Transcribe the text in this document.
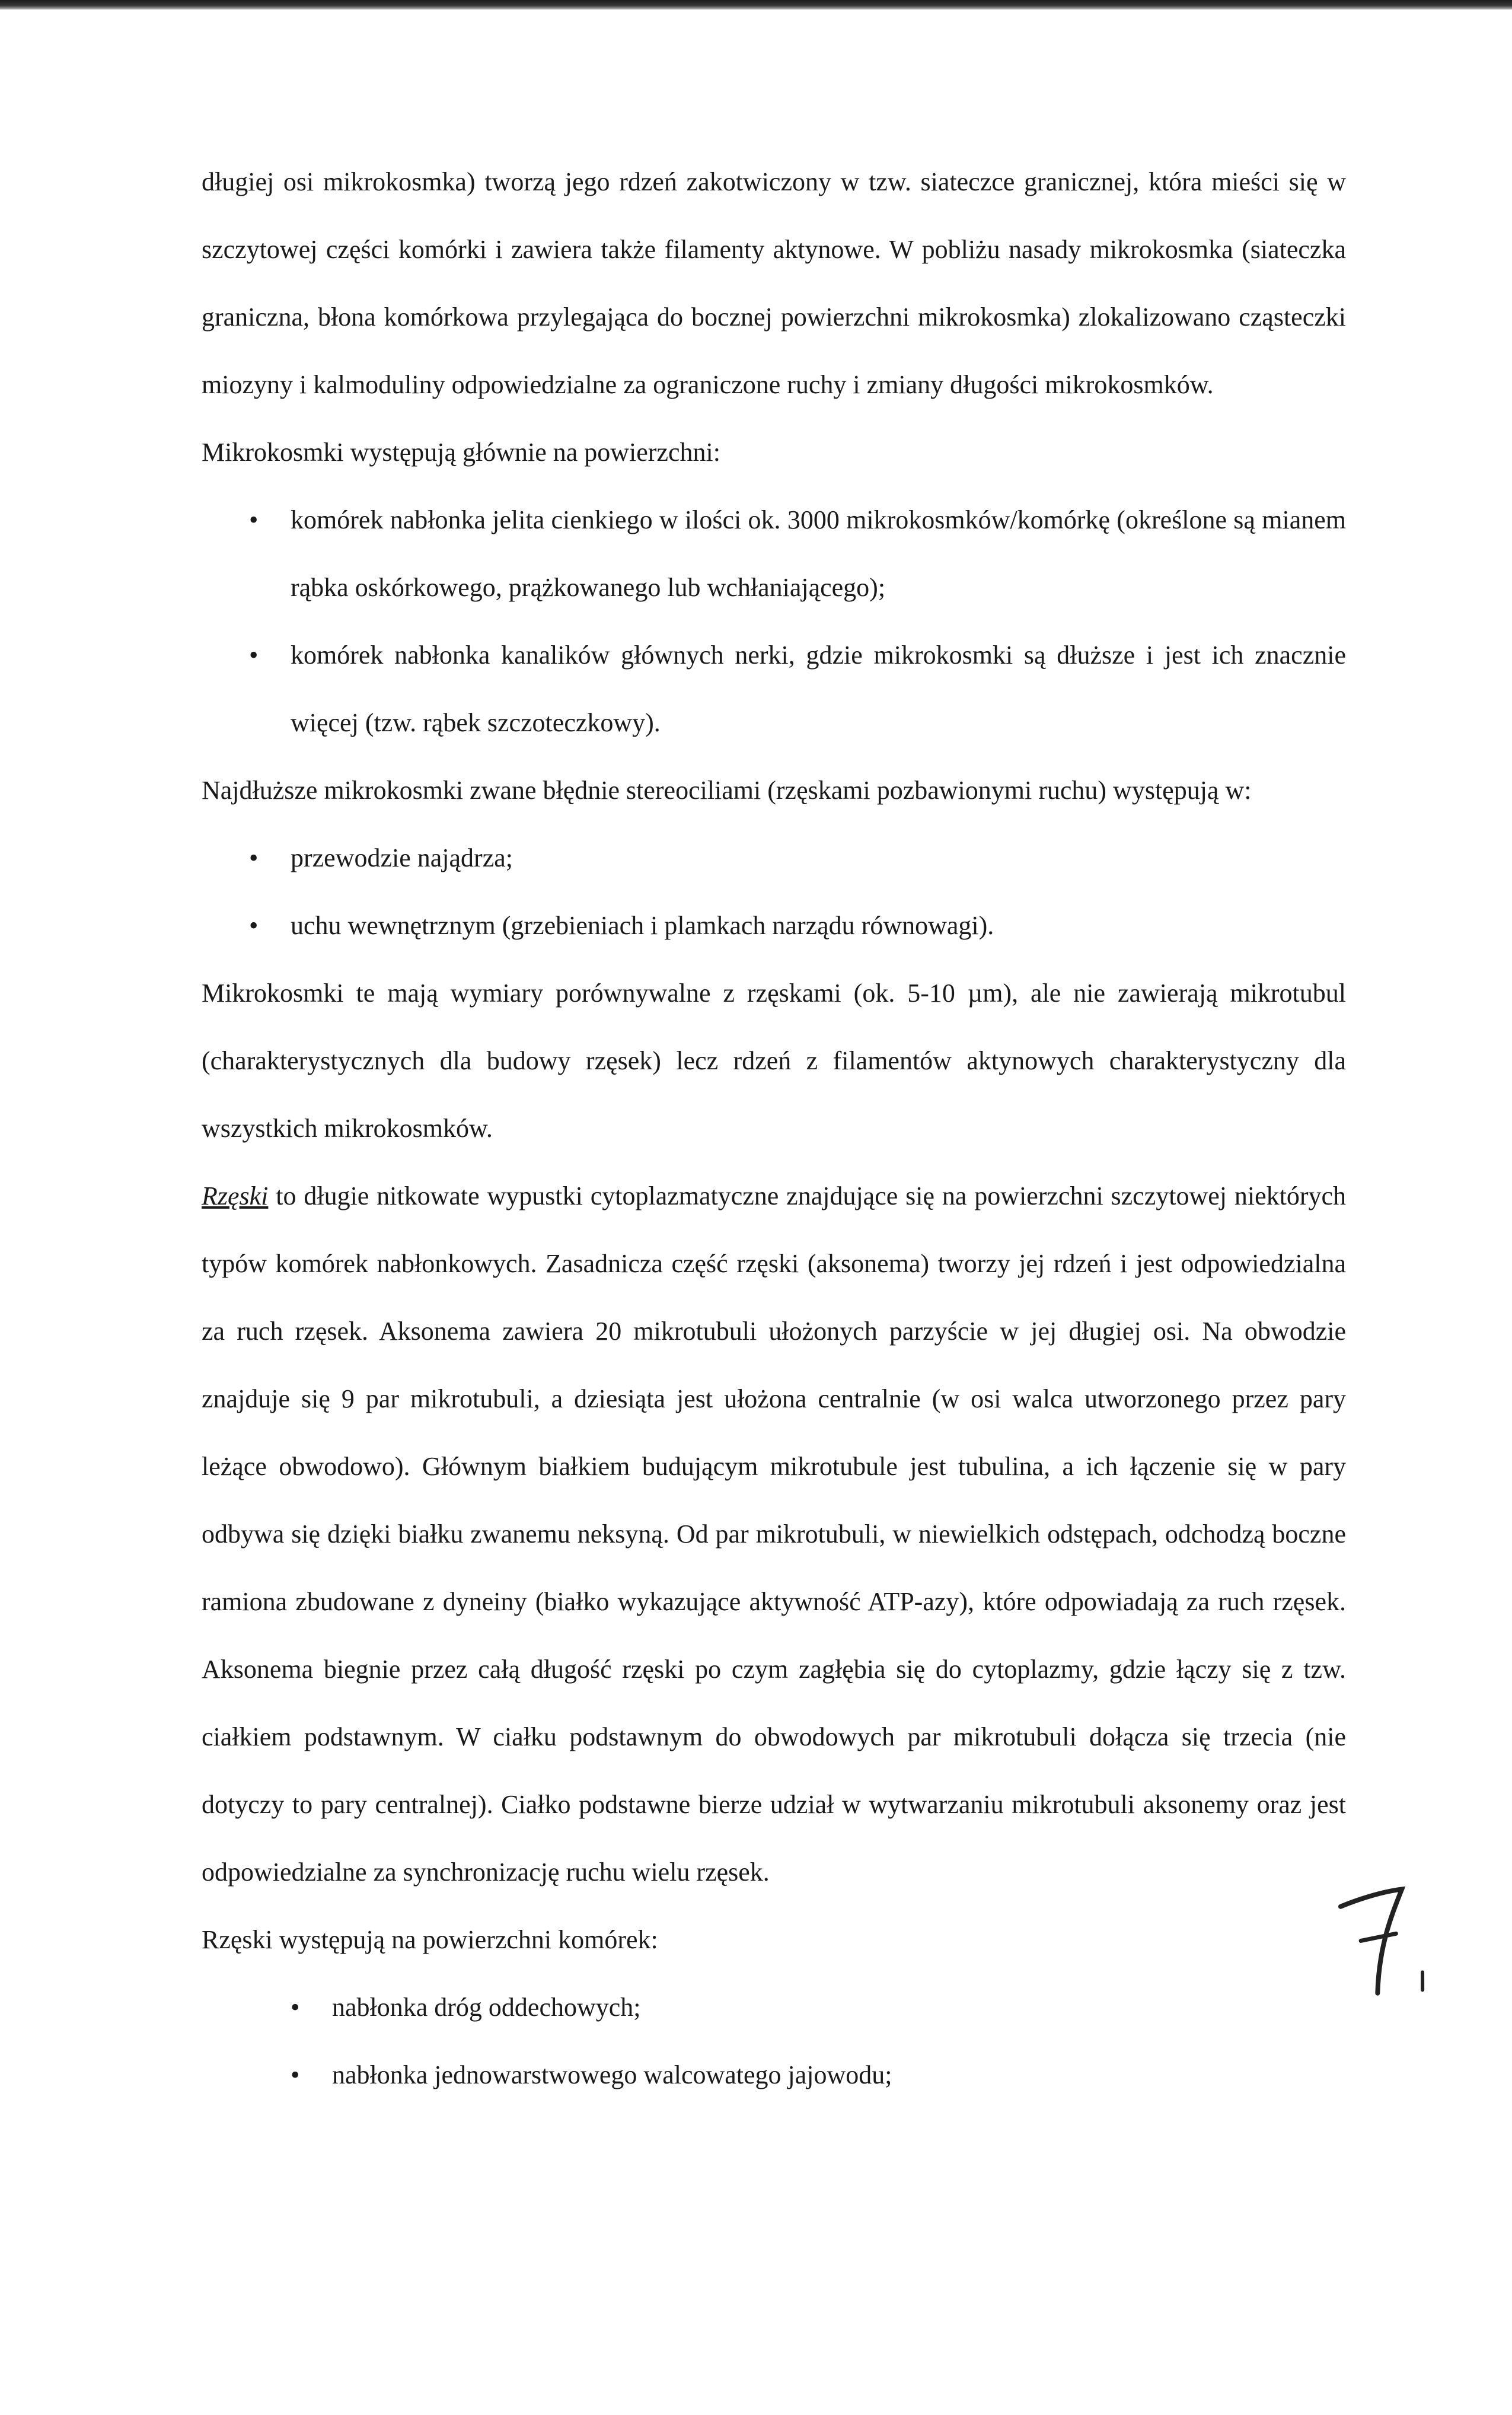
długiej osi mikrokosmka) tworzą jego rdzeń zakotwiczony w tzw. siateczce granicznej, która mieści się w szczytowej części komórki i zawiera także filamenty aktynowe. W pobliżu nasady mikrokosmka (siateczka graniczna, błona komórkowa przylegająca do bocznej powierzchni mikrokosmka) zlokalizowano cząsteczki miozyny i kalmoduliny odpowiedzialne za ograniczone ruchy i zmiany długości mikrokosmków.

Mikrokosmki występują głównie na powierzchni:

• komórek nabłonka jelita cienkiego w ilości ok. 3000 mikrokosmków/komórkę (określone są mianem rąbka oskórkowego, prążkowanego lub wchłaniającego);
• komórek nabłonka kanalików głównych nerki, gdzie mikrokosmki są dłuższe i jest ich znacznie więcej (tzw. rąbek szczoteczkowy).

Najdłuższe mikrokosmki zwane błędnie stereociliami (rzęskami pozbawionymi ruchu) występują w:

• przewodzie najądrza;
• uchu wewnętrznym (grzebieniach i plamkach narządu równowagi).

Mikrokosmki te mają wymiary porównywalne z rzęskami (ok. 5-10 µm), ale nie zawierają mikrotubul (charakterystycznych dla budowy rzęsek) lecz rdzeń z filamentów aktynowych charakterystyczny dla wszystkich mikrokosmków.

Rzęski to długie nitkowate wypustki cytoplazmatyczne znajdujące się na powierzchni szczytowej niektórych typów komórek nabłonkowych. Zasadnicza część rzęski (aksonema) tworzy jej rdzeń i jest odpowiedzialna za ruch rzęsek. Aksonema zawiera 20 mikrotubuli ułożonych parzyście w jej długiej osi. Na obwodzie znajduje się 9 par mikrotubuli, a dziesiąta jest ułożona centralnie (w osi walca utworzonego przez pary leżące obwodowo). Głównym białkiem budującym mikrotubule jest tubulina, a ich łączenie się w pary odbywa się dzięki białku zwanemu neksyną. Od par mikrotubuli, w niewielkich odstępach, odchodzą boczne ramiona zbudowane z dyneiny (białko wykazujące aktywność ATP-azy), które odpowiadają za ruch rzęsek. Aksonema biegnie przez całą długość rzęski po czym zagłębia się do cytoplazmy, gdzie łączy się z tzw. ciałkiem podstawnym. W ciałku podstawnym do obwodowych par mikrotubuli dołącza się trzecia (nie dotyczy to pary centralnej). Ciałko podstawne bierze udział w wytwarzaniu mikrotubuli aksonemy oraz jest odpowiedzialne za synchronizację ruchu wielu rzęsek.

Rzęski występują na powierzchni komórek:

• nabłonka dróg oddechowych;
• nabłonka jednowarstwowego walcowatego jajowodu;
